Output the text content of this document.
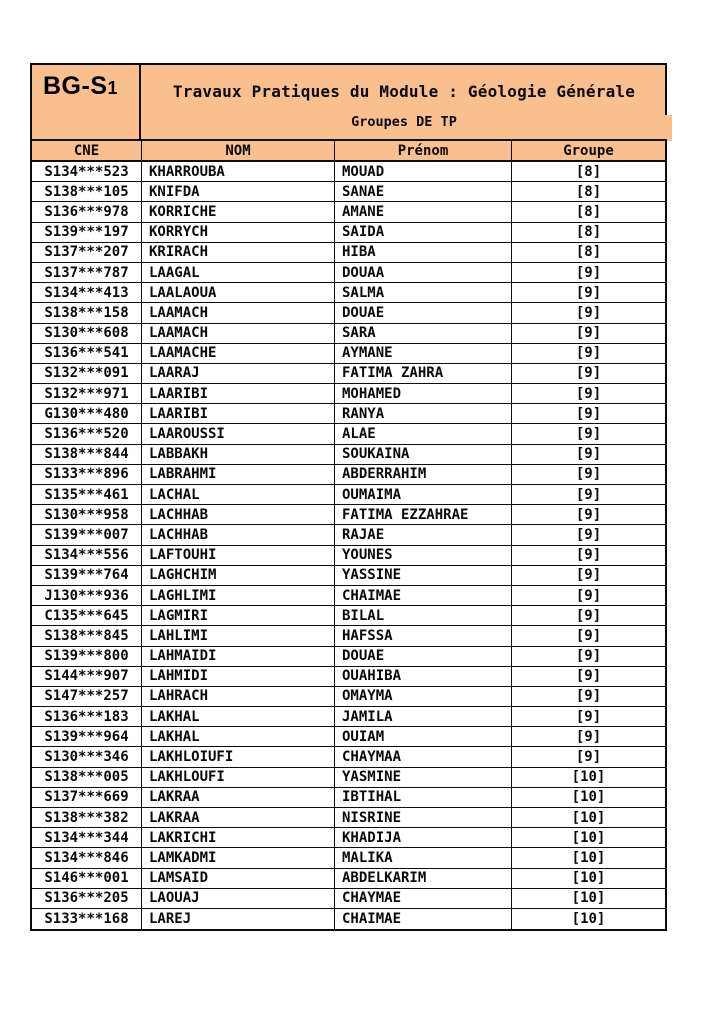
BG-S1	Travaux Pratiques du Module : Géologie Générale
Groupes DE TP
CNE	NOM	Prénom	Groupe
S134***523	KHARROUBA	MOUAD	[8]
S138***105	KNIFDA	SANAE	[8]
S136***978	KORRICHE	AMANE	[8]
S139***197	KORRYCH	SAIDA	[8]
S137***207	KRIRACH	HIBA	[8]
S137***787	LAAGAL	DOUAA	[9]
S134***413	LAALAOUA	SALMA	[9]
S138***158	LAAMACH	DOUAE	[9]
S130***608	LAAMACH	SARA	[9]
S136***541	LAAMACHE	AYMANE	[9]
S132***091	LAARAJ	FATIMA ZAHRA	[9]
S132***971	LAARIBI	MOHAMED	[9]
G130***480	LAARIBI	RANYA	[9]
S136***520	LAAROUSSI	ALAE	[9]
S138***844	LABBAKH	SOUKAINA	[9]
S133***896	LABRAHMI	ABDERRAHIM	[9]
S135***461	LACHAL	OUMAIMA	[9]
S130***958	LACHHAB	FATIMA EZZAHRAE	[9]
S139***007	LACHHAB	RAJAE	[9]
S134***556	LAFTOUHI	YOUNES	[9]
S139***764	LAGHCHIM	YASSINE	[9]
J130***936	LAGHLIMI	CHAIMAE	[9]
C135***645	LAGMIRI	BILAL	[9]
S138***845	LAHLIMI	HAFSSA	[9]
S139***800	LAHMAIDI	DOUAE	[9]
S144***907	LAHMIDI	OUAHIBA	[9]
S147***257	LAHRACH	OMAYMA	[9]
S136***183	LAKHAL	JAMILA	[9]
S139***964	LAKHAL	OUIAM	[9]
S130***346	LAKHLOIUFI	CHAYMAA	[9]
S138***005	LAKHLOUFI	YASMINE	[10]
S137***669	LAKRAA	IBTIHAL	[10]
S138***382	LAKRAA	NISRINE	[10]
S134***344	LAKRICHI	KHADIJA	[10]
S134***846	LAMKADMI	MALIKA	[10]
S146***001	LAMSAID	ABDELKARIM	[10]
S136***205	LAOUAJ	CHAYMAE	[10]
S133***168	LAREJ	CHAIMAE	[10]
